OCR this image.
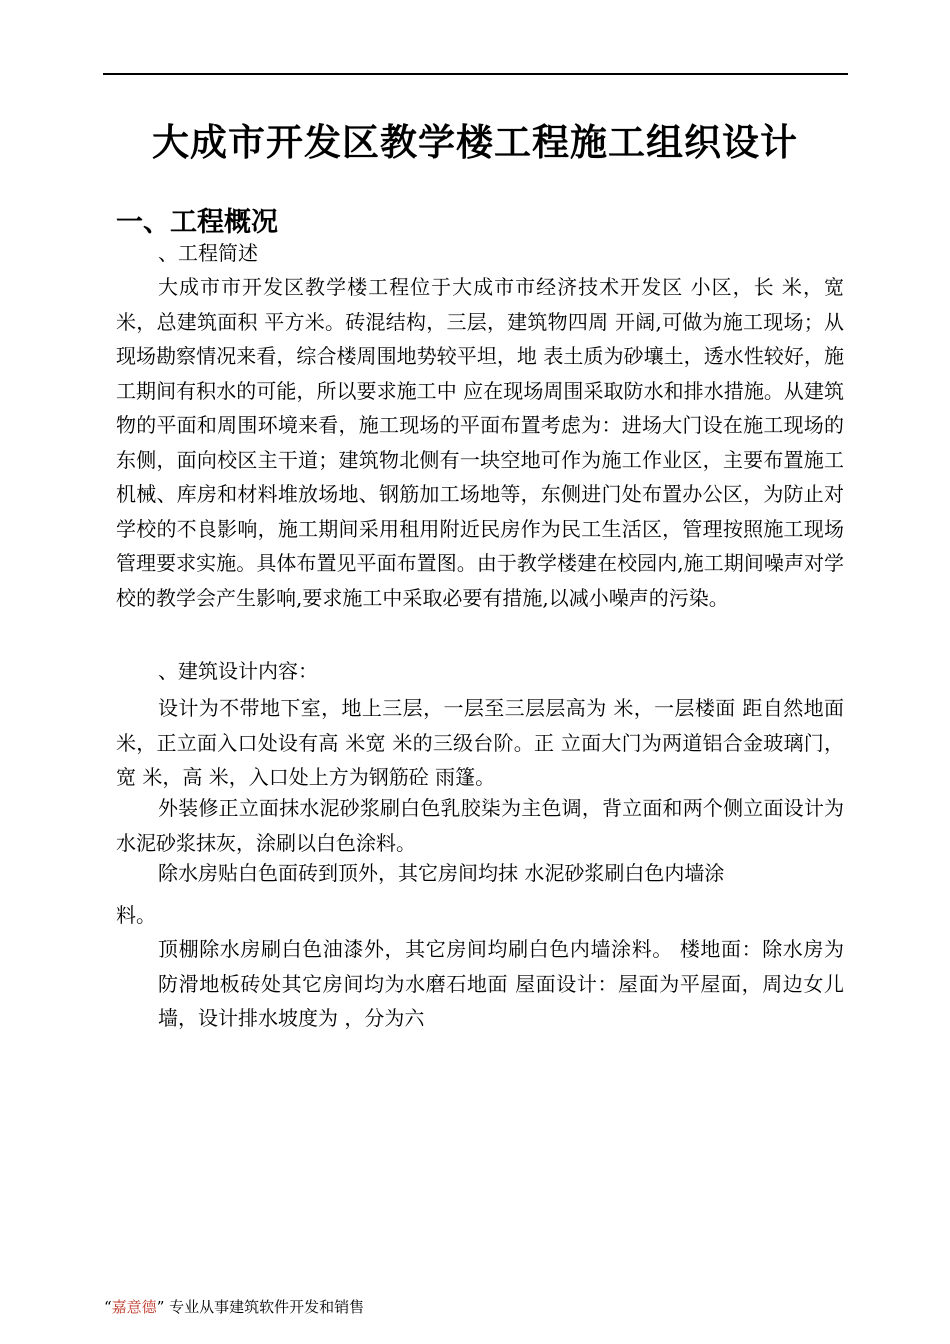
大成市开发区教学楼工程施工组织设计
一、工程概况

、工程简述

大成市市开发区教学楼工程位于大成市市经济技术开发区 小区，长 米，宽 米，总建筑面积 平方米。砖混结构，三层，建筑物四周 开阔,可做为施工现场；从现场勘察情况来看，综合楼周围地势较平坦，地 表土质为砂壤土，透水性较好，施工期间有积水的可能，所以要求施工中 应在现场周围采取防水和排水措施。从建筑物的平面和周围环境来看，施工现场的平面布置考虑为：进场大门设在施工现场的东侧，面向校区主干道；建筑物北侧有一块空地可作为施工作业区，主要布置施工机械、库房和材料堆放场地、钢筋加工场地等，东侧进门处布置办公区，为防止对学校的不良影响，施工期间采用租用附近民房作为民工生活区，管理按照施工现场管理要求实施。具体布置见平面布置图。由于教学楼建在校园内,施工期间噪声对学校的教学会产生影响,要求施工中采取必要有措施,以减小噪声的污染。

、建筑设计内容：

设计为不带地下室，地上三层，一层至三层层高为 米，一层楼面 距自然地面 米，正立面入口处设有高 米宽 米的三级台阶。正 立面大门为两道铝合金玻璃门，宽 米，高 米，入口处上方为钢筋砼 雨篷。

外装修正立面抹水泥砂浆刷白色乳胶柒为主色调，背立面和两个侧立面设计为水泥砂浆抹灰，涂刷以白色涂料。

除水房贴白色面砖到顶外，其它房间均抹 水泥砂浆刷白色内墙涂

料。

顶棚除水房刷白色油漆外，其它房间均刷白色内墙涂料。 楼地面：除水房为防滑地板砖处其它房间均为水磨石地面 屋面设计：屋面为平屋面，周边女儿墙，设计排水坡度为 ，分为六

“嘉意德” 专业从事建筑软件开发和销售
